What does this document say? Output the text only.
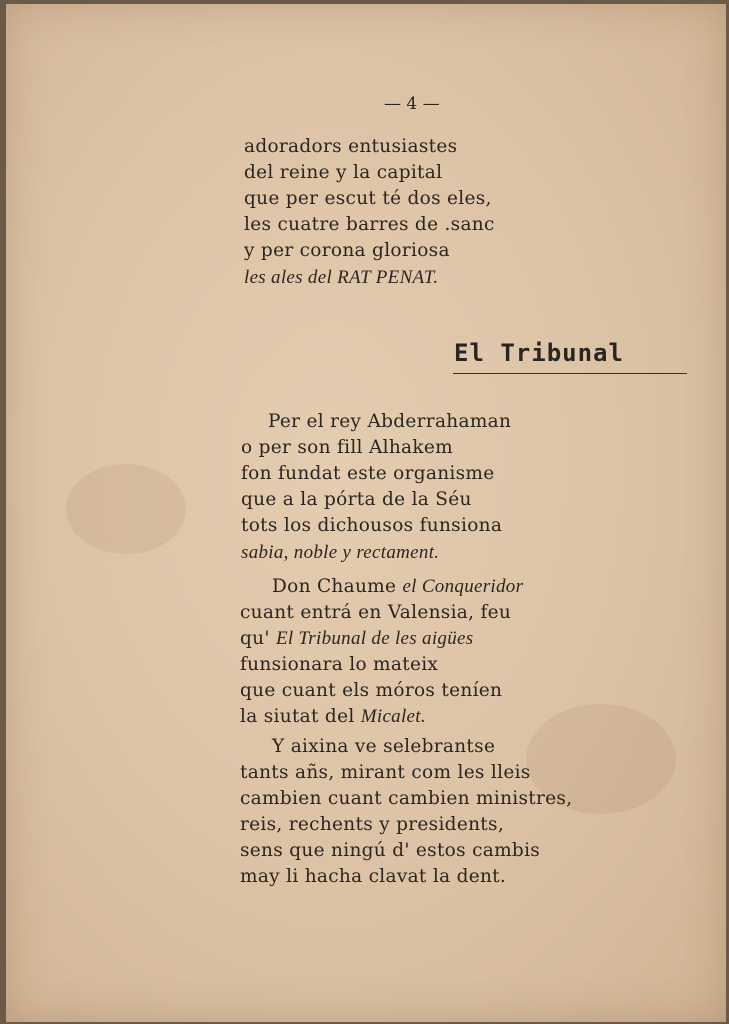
— 4 —

adoradors entusiastes

del reine y la capital

que per escut té dos eles,

les cuatre barres de .sanc

y per corona gloriosa

les ales del RAT PENAT.

El Tribunal

Per el rey Abderrahaman

o per son fill Alhakem

fon fundat este organisme

que a la pórta de la Séu

tots los dichousos funsiona

sabia, noble y rectament.

Don Chaume el Conqueridor

cuant entrá en Valensia, feu

qu' El Tribunal de les aigües

funsionara lo mateix

que cuant els móros teníen

la siutat del Micalet.

Y aixina ve selebrantse

tants añs, mirant com les lleis

cambien cuant cambien ministres,

reis, rechents y presidents,

sens que ningú d' estos cambis

may li hacha clavat la dent.
